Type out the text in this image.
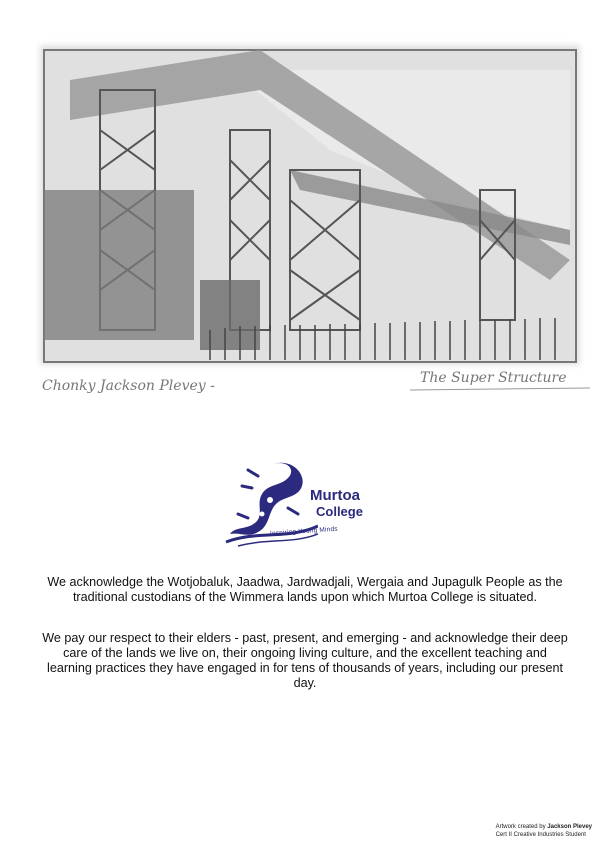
Chonky Jackson Plevey -	The Super Structure
Murtoa
College
Inspiring Young Minds

We acknowledge the Wotjobaluk, Jaadwa, Jardwadjali, Wergaia and Jupagulk People as the traditional custodians of the Wimmera lands upon which Murtoa College is situated.

We pay our respect to their elders - past, present, and emerging - and acknowledge their deep care of the lands we live on, their ongoing living culture, and the excellent teaching and learning practices they have engaged in for tens of thousands of years, including our present day.

Artwork created by Jackson Plevey
Cert II Creative Industries Student
